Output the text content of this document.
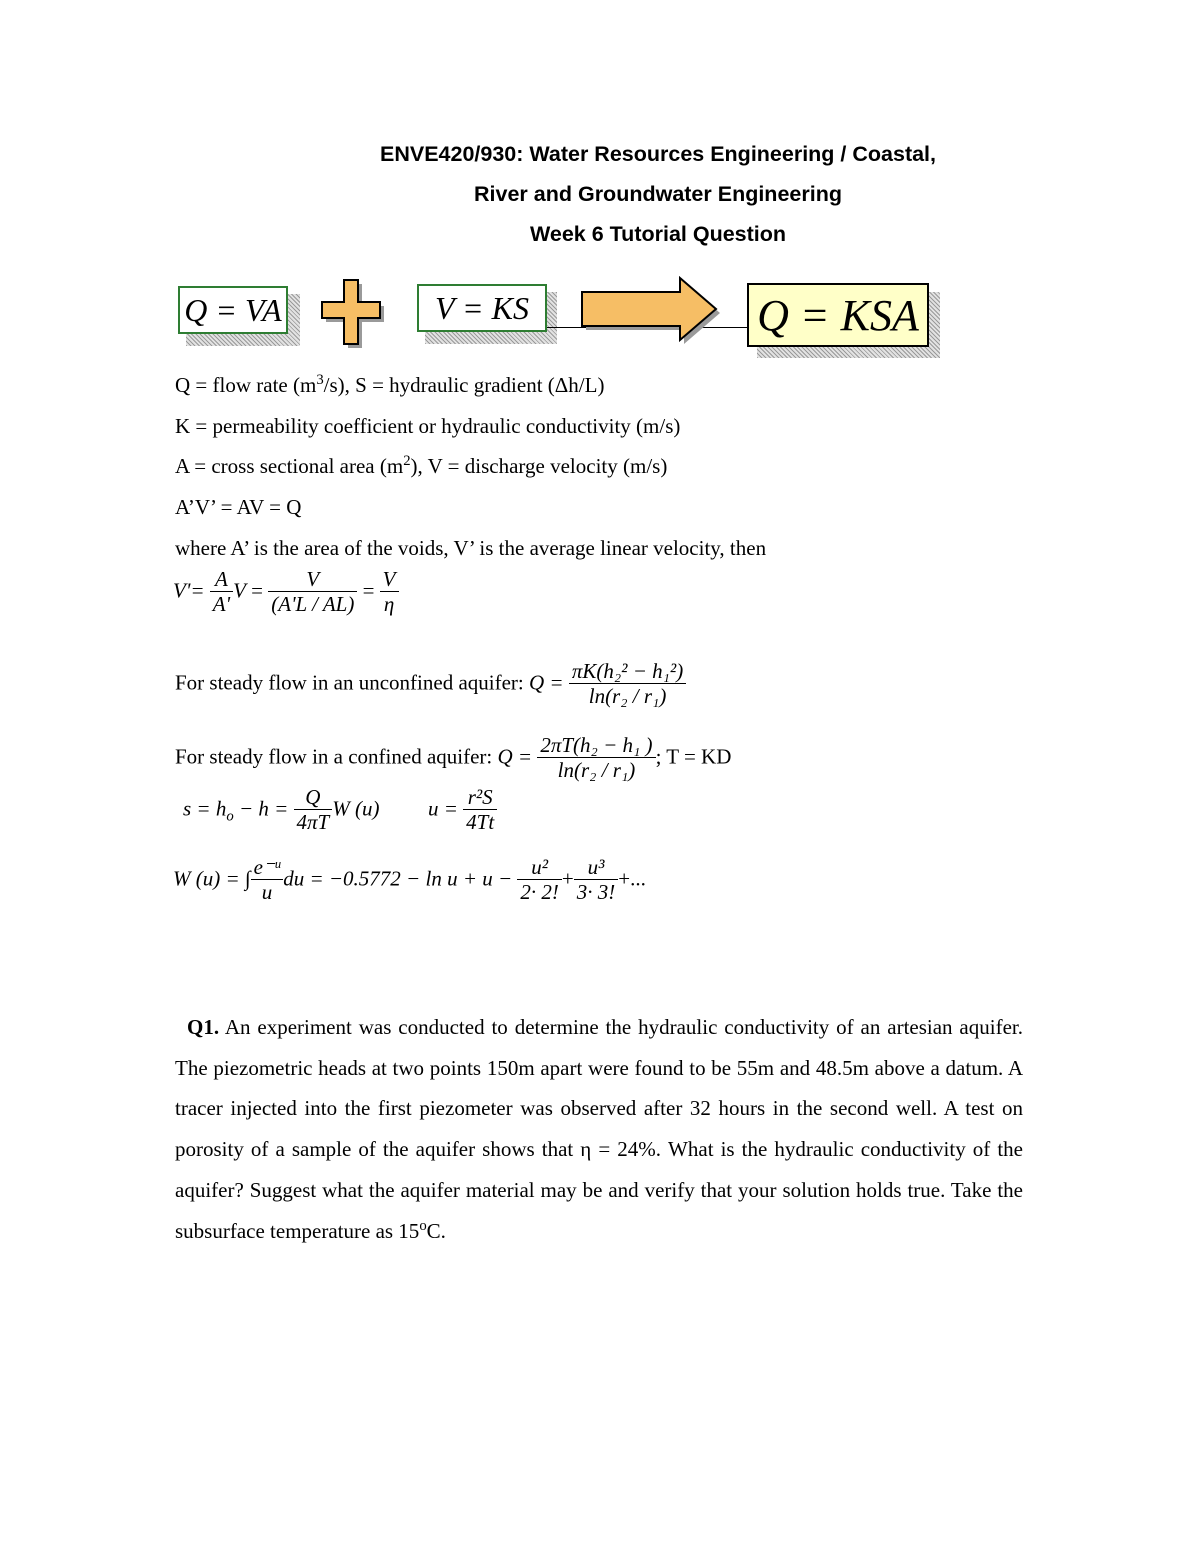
ENVE420/930: Water Resources Engineering / Coastal,
River and Groundwater Engineering
Week 6 Tutorial Question
Q = VA	V = KS	Q = KSA
Q = flow rate $(m^3/s)$, S = hydraulic gradient (Δh/L)
K = permeability coefficient or hydraulic conductivity (m/s)
A = cross sectional area $(m^2)$, V = discharge velocity (m/s)
A’V’ = AV = Q
where A’ is the area of the voids, V’ is the average linear velocity, then
$V'= \frac{A}{A'}$ $V = \frac{V}{(A'L / AL)} = \frac{V}{\eta}$
For steady flow in an unconfined aquifer: $Q = \frac{\text{πK(h₂² − h₁²)}}{\text{ln(r₂ / r₁)}}$
For steady flow in a confined aquifer: $Q = \frac{\text{2πT(h₂ − h₁ )}}{\text{ln(r₂ / r₁)}}$ ; T = KD
$s = h_o - h = \frac{Q}{4\pi T}$ W (u) $u = \frac{\text{r²S}}{4Tt}$
W (u) = ∫ $\frac{\text{e⁻ᵘ}}{u}$ du = $-0.5772 - \ln u + u - \frac{\text{u²}}{2\cdot 2!} + \frac{\text{u³}}{3\cdot 3!}$ +...
Q1. An experiment was conducted to determine the hydraulic conductivity of an artesian aquifer. The piezometric heads at two points 150m apart were found to be 55m and 48.5m above a datum. A tracer injected into the first piezometer was observed after 32 hours in the second well. A test on porosity of a sample of the aquifer shows that η = 24%. What is the hydraulic conductivity of the aquifer? Suggest what the aquifer material may be and verify that your solution holds true. Take the subsurface temperature as 15$^o$C.
